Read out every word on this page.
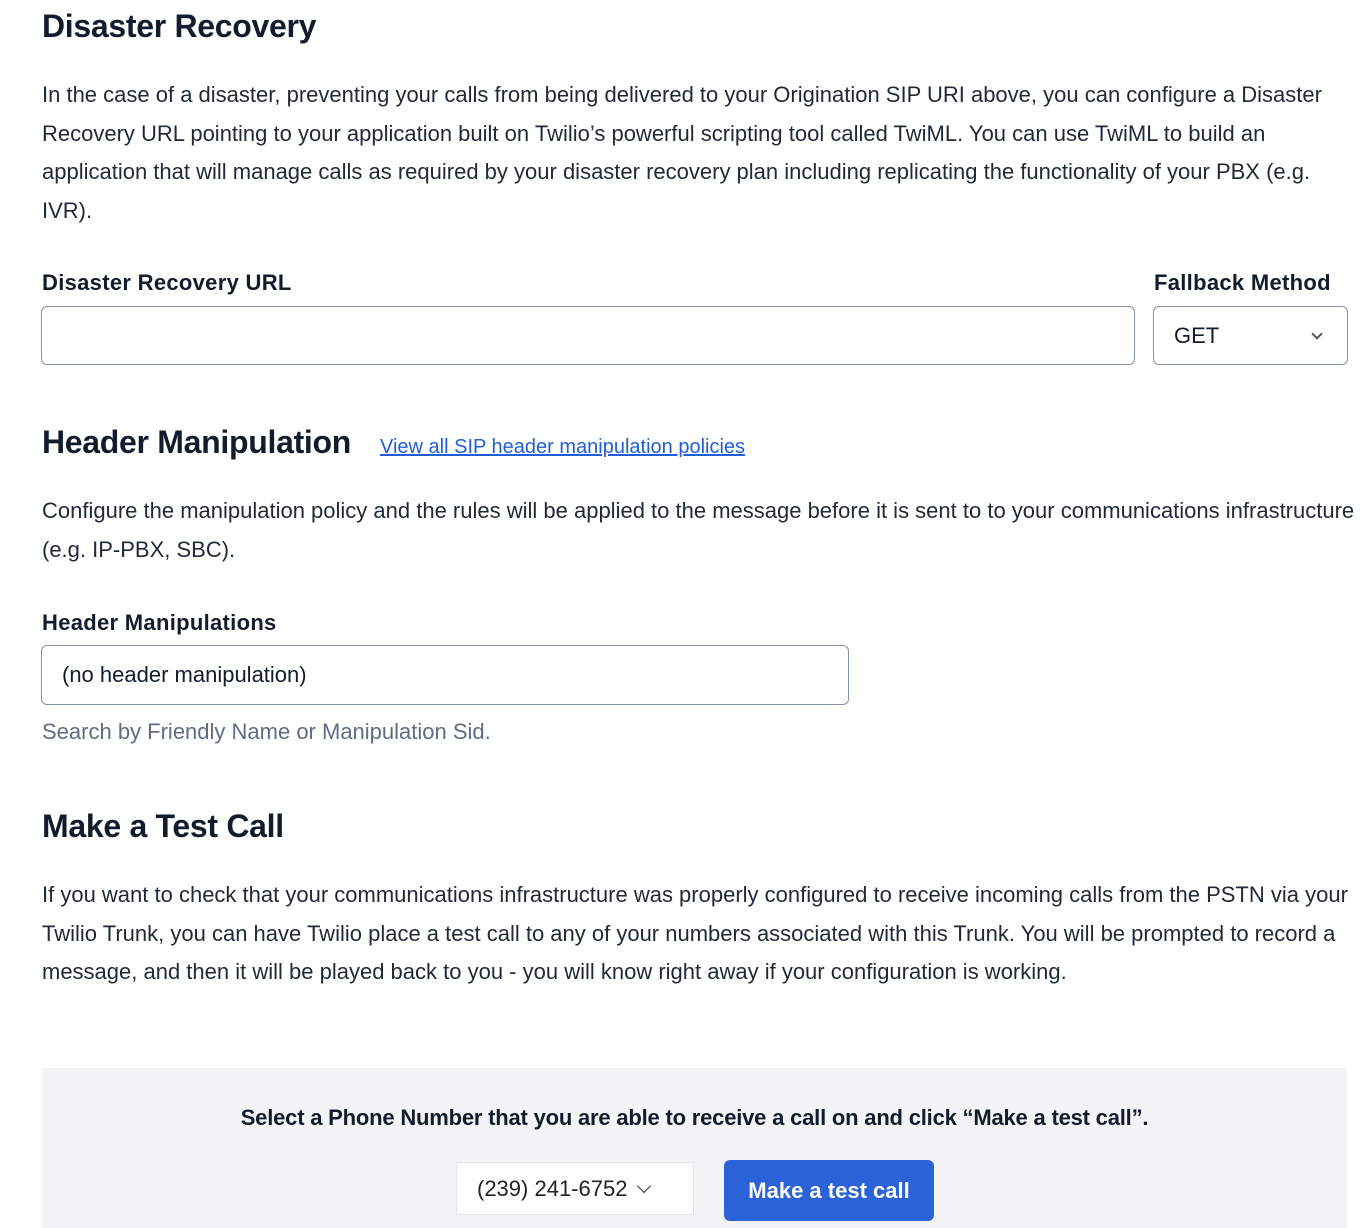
Disaster Recovery

In the case of a disaster, preventing your calls from being delivered to your Origination SIP URI above, you can configure a Disaster Recovery URL pointing to your application built on Twilio’s powerful scripting tool called TwiML. You can use TwiML to build an application that will manage calls as required by your disaster recovery plan including replicating the functionality of your PBX (e.g. IVR).

Disaster Recovery URL	Fallback Method
GET
Header Manipulation View all SIP header manipulation policies

Configure the manipulation policy and the rules will be applied to the message before it is sent to to your communications infrastructure (e.g. IP-PBX, SBC).

Header Manipulations
(no header manipulation)
Search by Friendly Name or Manipulation Sid.
Make a Test Call

If you want to check that your communications infrastructure was properly configured to receive incoming calls from the PSTN via your Twilio Trunk, you can have Twilio place a test call to any of your numbers associated with this Trunk. You will be prompted to record a message, and then it will be played back to you - you will know right away if your configuration is working.

Select a Phone Number that you are able to receive a call on and click “Make a test call”.
(239) 241-6752	Make a test call
